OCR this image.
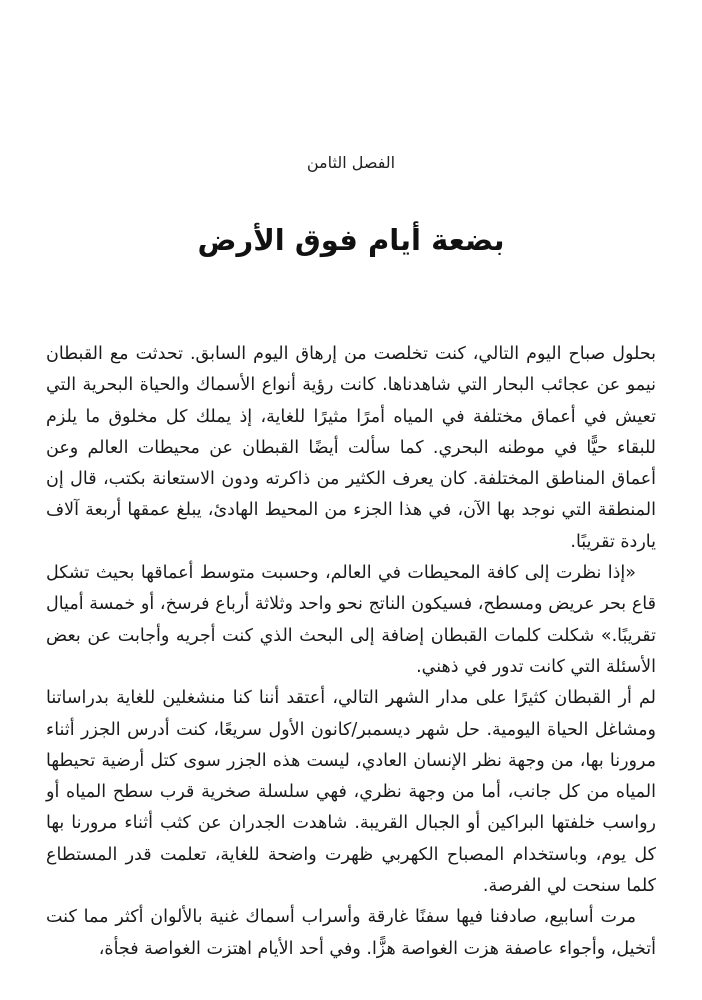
الفصل الثامن
بضعة أيام فوق الأرض

بحلول صباح اليوم التالي، كنت تخلصت من إرهاق اليوم السابق. تحدثت مع القبطان نيمو عن عجائب البحار التي شاهدناها. كانت رؤية أنواع الأسماك والحياة البحرية التي تعيش في أعماق مختلفة في المياه أمرًا مثيرًا للغاية، إذ يملك كل مخلوق ما يلزم للبقاء حيًّا في موطنه البحري. كما سألت أيضًا القبطان عن محيطات العالم وعن أعماق المناطق المختلفة. كان يعرف الكثير من ذاكرته ودون الاستعانة بكتب، قال إن المنطقة التي نوجد بها الآن، في هذا الجزء من المحيط الهادئ، يبلغ عمقها أربعة آلاف ياردة تقريبًا.

«إذا نظرت إلى كافة المحيطات في العالم، وحسبت متوسط أعماقها بحيث تشكل قاع بحر عريض ومسطح، فسيكون الناتج نحو واحد وثلاثة أرباع فرسخ، أو خمسة أميال تقريبًا.» شكلت كلمات القبطان إضافة إلى البحث الذي كنت أجريه وأجابت عن بعض الأسئلة التي كانت تدور في ذهني.

لم أر القبطان كثيرًا على مدار الشهر التالي، أعتقد أننا كنا منشغلين للغاية بدراساتنا ومشاغل الحياة اليومية. حل شهر ديسمبر/كانون الأول سريعًا، كنت أدرس الجزر أثناء مرورنا بها، من وجهة نظر الإنسان العادي، ليست هذه الجزر سوى كتل أرضية تحيطها المياه من كل جانب، أما من وجهة نظري، فهي سلسلة صخرية قرب سطح المياه أو رواسب خلفتها البراكين أو الجبال القريبة. شاهدت الجدران عن كثب أثناء مرورنا بها كل يوم، وباستخدام المصباح الكهربي ظهرت واضحة للغاية، تعلمت قدر المستطاع كلما سنحت لي الفرصة.

مرت أسابيع، صادفنا فيها سفنًا غارقة وأسراب أسماك غنية بالألوان أكثر مما كنت أتخيل، وأجواء عاصفة هزت الغواصة هزًّا. وفي أحد الأيام اهتزت الغواصة فجأة،
